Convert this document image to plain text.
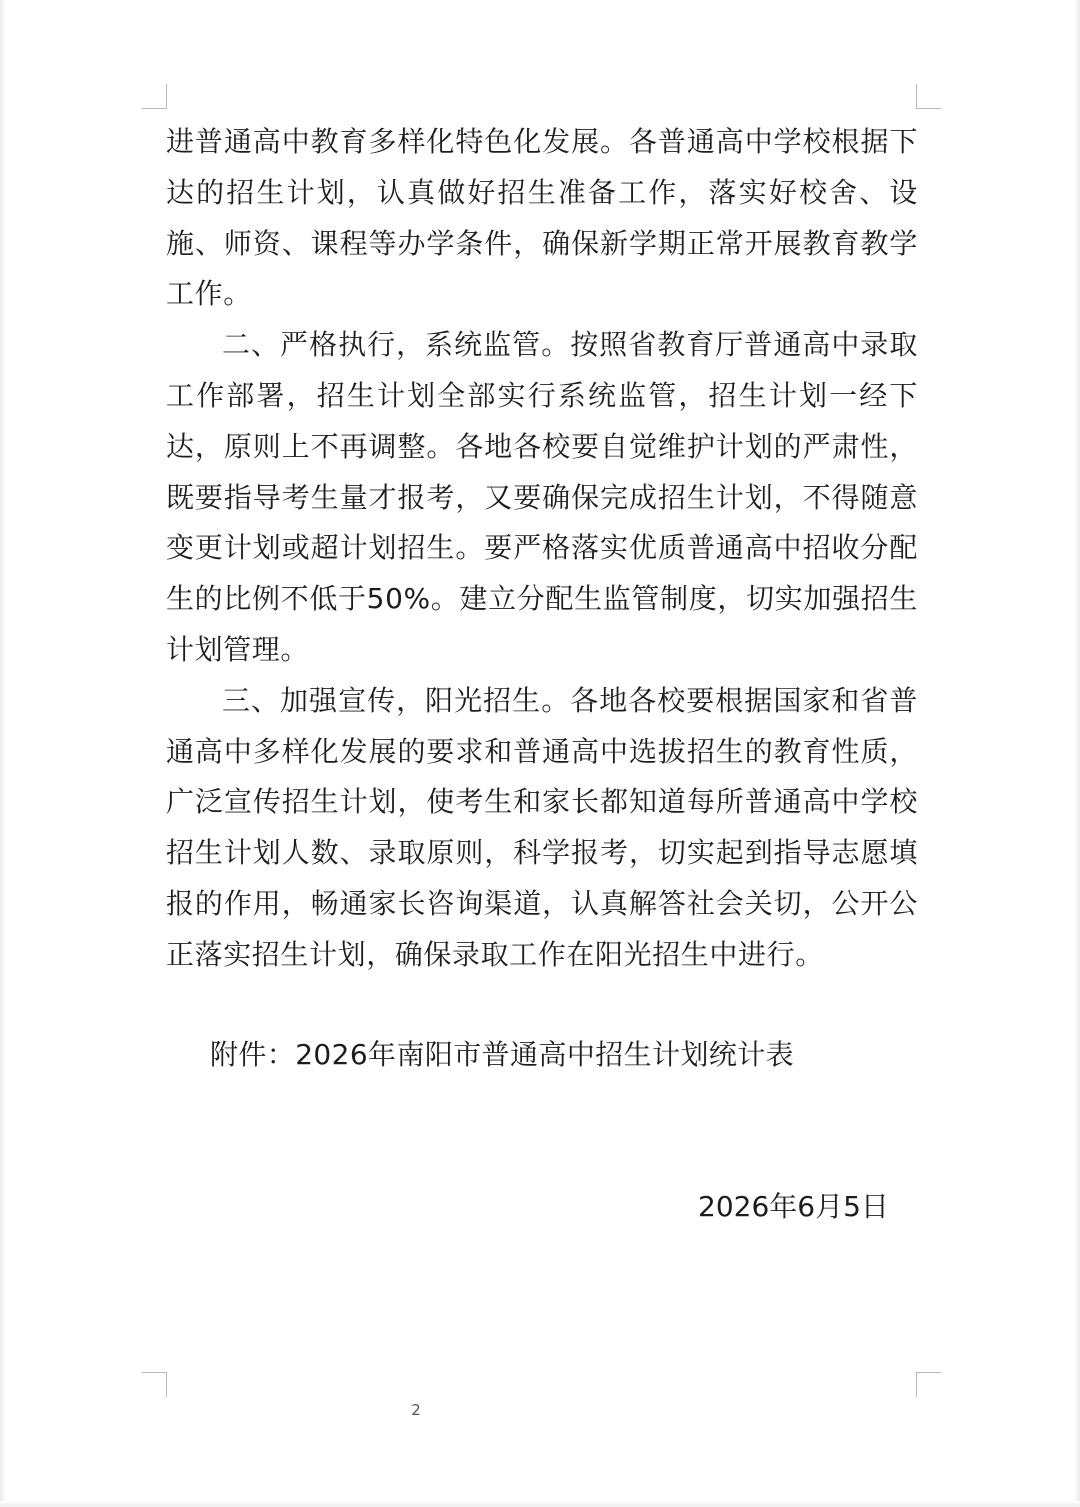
进普通高中教育多样化特色化发展。各普通高中学校根据下达的招生计划，认真做好招生准备工作，落实好校舍、设施、师资、课程等办学条件，确保新学期正常开展教育教学工作。

二、严格执行，系统监管。按照省教育厅普通高中录取工作部署，招生计划全部实行系统监管，招生计划一经下达，原则上不再调整。各地各校要自觉维护计划的严肃性，既要指导考生量才报考，又要确保完成招生计划，不得随意变更计划或超计划招生。要严格落实优质普通高中招收分配生的比例不低于50%。建立分配生监管制度，切实加强招生计划管理。

三、加强宣传，阳光招生。各地各校要根据国家和省普通高中多样化发展的要求和普通高中选拔招生的教育性质，广泛宣传招生计划，使考生和家长都知道每所普通高中学校招生计划人数、录取原则，科学报考，切实起到指导志愿填报的作用，畅通家长咨询渠道，认真解答社会关切，公开公正落实招生计划，确保录取工作在阳光招生中进行。

附件：2026年南阳市普通高中招生计划统计表
2026年6月5日
2
